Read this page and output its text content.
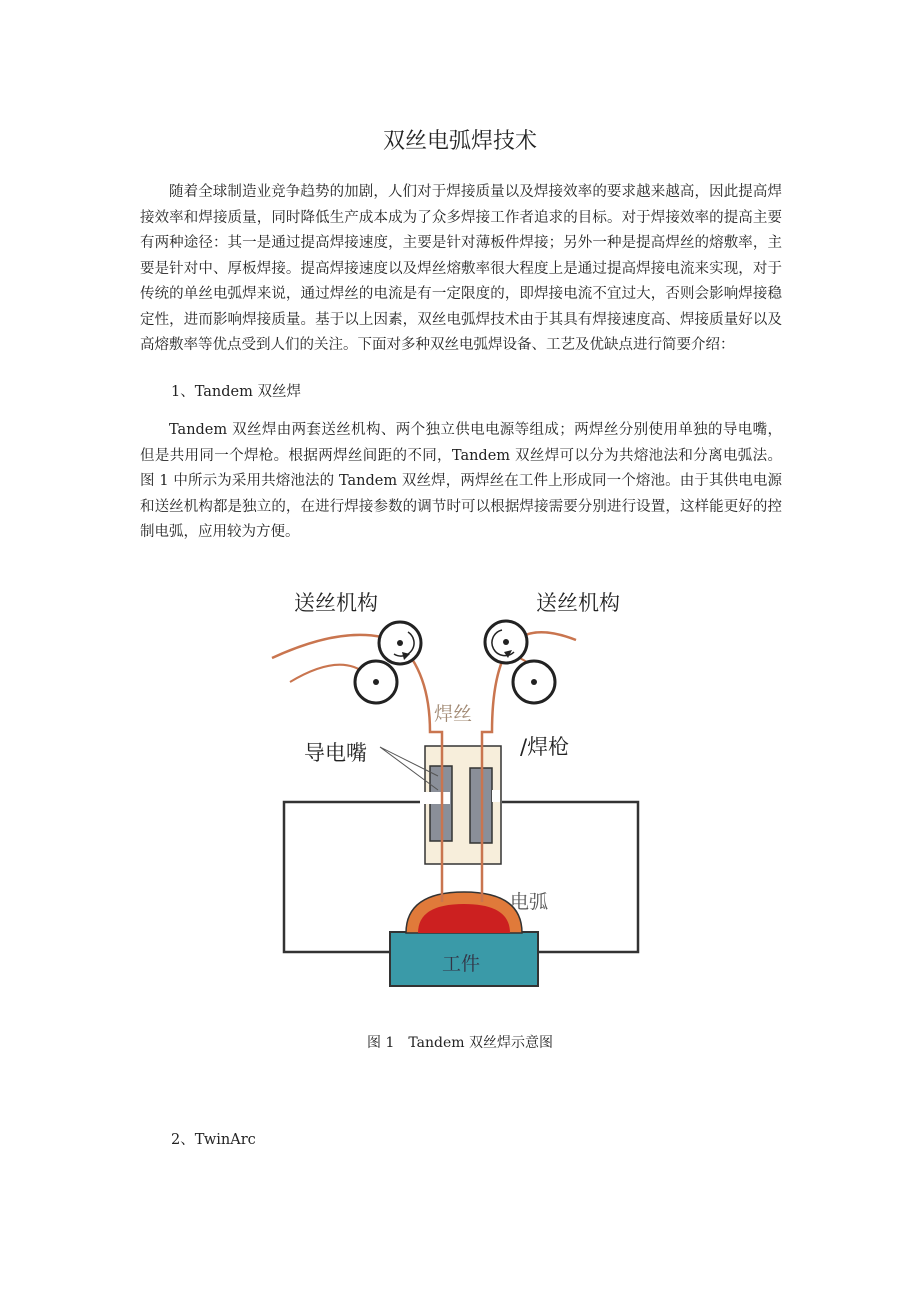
双丝电弧焊技术

随着全球制造业竞争趋势的加剧，人们对于焊接质量以及焊接效率的要求越来越高，因此提高焊接效率和焊接质量，同时降低生产成本成为了众多焊接工作者追求的目标。对于焊接效率的提高主要有两种途径：其一是通过提高焊接速度，主要是针对薄板件焊接；另外一种是提高焊丝的熔敷率，主要是针对中、厚板焊接。提高焊接速度以及焊丝熔敷率很大程度上是通过提高焊接电流来实现，对于传统的单丝电弧焊来说，通过焊丝的电流是有一定限度的，即焊接电流不宜过大，否则会影响焊接稳定性，进而影响焊接质量。基于以上因素，双丝电弧焊技术由于其具有焊接速度高、焊接质量好以及高熔敷率等优点受到人们的关注。下面对多种双丝电弧焊设备、工艺及优缺点进行简要介绍：

1、Tandem 双丝焊

Tandem 双丝焊由两套送丝机构、两个独立供电电源等组成；两焊丝分别使用单独的导电嘴，但是共用同一个焊枪。根据两焊丝间距的不同，Tandem 双丝焊可以分为共熔池法和分离电弧法。图 1 中所示为采用共熔池法的 Tandem 双丝焊，两焊丝在工件上形成同一个熔池。由于其供电电源和送丝机构都是独立的，在进行焊接参数的调节时可以根据焊接需要分别进行设置，这样能更好的控制电弧，应用较为方便。

送丝机构	送丝机构
焊丝
导电嘴	/焊枪
电弧
工件
图 1　Tandem 双丝焊示意图

2、TwinArc
